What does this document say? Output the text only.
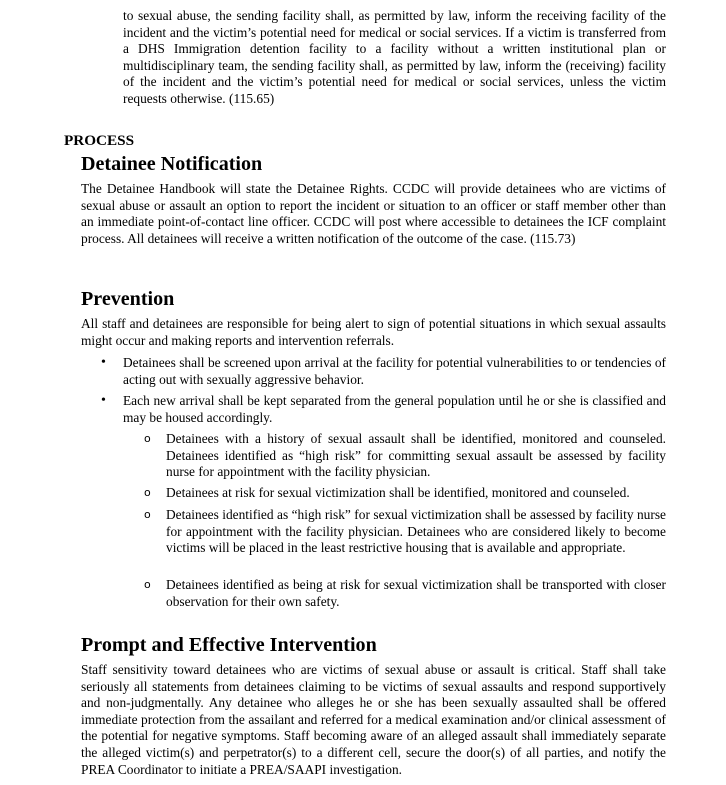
to sexual abuse, the sending facility shall, as permitted by law, inform the receiving facility of the incident and the victim’s potential need for medical or social services. If a victim is transferred from a DHS Immigration detention facility to a facility without a written institutional plan or multidisciplinary team, the sending facility shall, as permitted by law, inform the (receiving) facility of the incident and the victim’s potential need for medical or social services, unless the victim requests otherwise. (115.65)

PROCESS
Detainee Notification

The Detainee Handbook will state the Detainee Rights. CCDC will provide detainees who are victims of sexual abuse or assault an option to report the incident or situation to an officer or staff member other than an immediate point-of-contact line officer. CCDC will post where accessible to detainees the ICF complaint process. All detainees will receive a written notification of the outcome of the case. (115.73)

Prevention

All staff and detainees are responsible for being alert to sign of potential situations in which sexual assaults might occur and making reports and intervention referrals.

• Detainees shall be screened upon arrival at the facility for potential vulnerabilities to or tendencies of acting out with sexually aggressive behavior.

• Each new arrival shall be kept separated from the general population until he or she is classified and may be housed accordingly.

o Detainees with a history of sexual assault shall be identified, monitored and counseled. Detainees identified as “high risk” for committing sexual assault be assessed by facility nurse for appointment with the facility physician.

o Detainees at risk for sexual victimization shall be identified, monitored and counseled.

o Detainees identified as “high risk” for sexual victimization shall be assessed by facility nurse for appointment with the facility physician. Detainees who are considered likely to become victims will be placed in the least restrictive housing that is available and appropriate.

o Detainees identified as being at risk for sexual victimization shall be transported with closer observation for their own safety.

Prompt and Effective Intervention

Staff sensitivity toward detainees who are victims of sexual abuse or assault is critical. Staff shall take seriously all statements from detainees claiming to be victims of sexual assaults and respond supportively and non-judgmentally. Any detainee who alleges he or she has been sexually assaulted shall be offered immediate protection from the assailant and referred for a medical examination and/or clinical assessment of the potential for negative symptoms. Staff becoming aware of an alleged assault shall immediately separate the alleged victim(s) and perpetrator(s) to a different cell, secure the door(s) of all parties, and notify the PREA Coordinator to initiate a PREA/SAAPI investigation.
